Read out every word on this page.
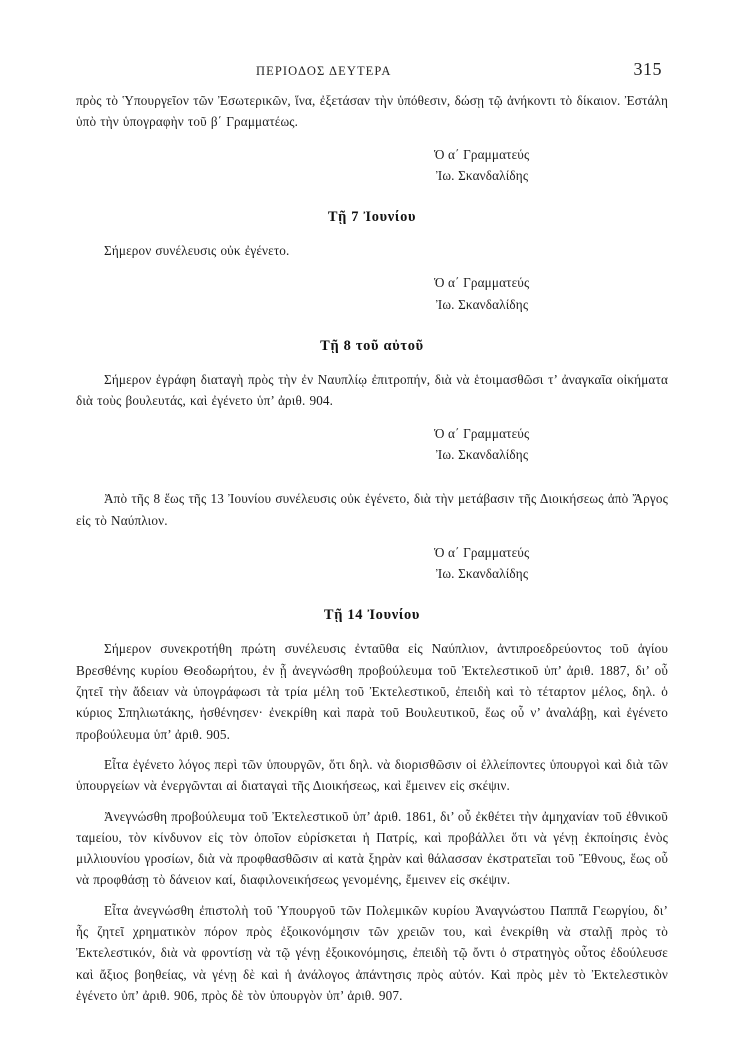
ΠΕΡΙΟΔΟΣ ΔΕΥΤΕΡΑ	315

πρὸς τὸ Ὑπουργεῖον τῶν Ἐσωτερικῶν, ἵνα, ἐξετάσαν τὴν ὑπόθεσιν, δώσῃ τῷ ἀνήκοντι τὸ δίκαιον. Ἐστάλη ὑπὸ τὴν ὑπογραφὴν τοῦ β΄ Γραμματέως.

Ὁ α΄ Γραμματεύς
Ἰω. Σκανδαλίδης
Τῇ 7 Ἰουνίου

Σήμερον συνέλευσις οὐκ ἐγένετο.

Ὁ α΄ Γραμματεύς
Ἰω. Σκανδαλίδης
Τῇ 8 τοῦ αὐτοῦ

Σήμερον ἐγράφη διαταγὴ πρὸς τὴν ἐν Ναυπλίῳ ἐπιτροπήν, διὰ νὰ ἑτοιμασθῶσι τ’ ἀναγκαῖα οἰκήματα διὰ τοὺς βουλευτάς, καὶ ἐγένετο ὑπ’ ἀριθ. 904.

Ὁ α΄ Γραμματεύς
Ἰω. Σκανδαλίδης

Ἀπὸ τῆς 8 ἕως τῆς 13 Ἰουνίου συνέλευσις οὐκ ἐγένετο, διὰ τὴν μετάβασιν τῆς Διοικήσεως ἀπὸ Ἄργος εἰς τὸ Ναύπλιον.

Ὁ α΄ Γραμματεύς
Ἰω. Σκανδαλίδης
Τῇ 14 Ἰουνίου

Σήμερον συνεκροτήθη πρώτη συνέλευσις ἐνταῦθα εἰς Ναύπλιον, ἀντιπροεδρεύοντος τοῦ ἁγίου Βρεσθένης κυρίου Θεοδωρήτου, ἐν ᾗ ἀνεγνώσθη προβούλευμα τοῦ Ἐκτελεστικοῦ ὑπ’ ἀριθ. 1887, δι’ οὗ ζητεῖ τὴν ἄδειαν νὰ ὑπογράφωσι τὰ τρία μέλη τοῦ Ἐκτελεστικοῦ, ἐπειδὴ καὶ τὸ τέταρτον μέλος, δηλ. ὁ κύριος Σπηλιωτάκης, ἠσθένησεν· ἐνεκρίθη καὶ παρὰ τοῦ Βουλευτικοῦ, ἕως οὗ ν’ ἀναλάβῃ, καὶ ἐγένετο προβούλευμα ὑπ’ ἀριθ. 905.

Εἶτα ἐγένετο λόγος περὶ τῶν ὑπουργῶν, ὅτι δηλ. νὰ διορισθῶσιν οἱ ἐλλείποντες ὑπουργοὶ καὶ διὰ τῶν ὑπουργείων νὰ ἐνεργῶνται αἱ διαταγαὶ τῆς Διοικήσεως, καὶ ἔμεινεν εἰς σκέψιν.

Ἀνεγνώσθη προβούλευμα τοῦ Ἐκτελεστικοῦ ὑπ’ ἀριθ. 1861, δι’ οὗ ἐκθέτει τὴν ἀμηχανίαν τοῦ ἐθνικοῦ ταμείου, τὸν κίνδυνον εἰς τὸν ὁποῖον εὑρίσκεται ἡ Πατρίς, καὶ προβάλλει ὅτι νὰ γένῃ ἐκποίησις ἑνὸς μιλλιουνίου γροσίων, διὰ νὰ προφθασθῶσιν αἱ κατὰ ξηρὰν καὶ θάλασσαν ἐκστρατεῖαι τοῦ Ἔθνους, ἕως οὗ νὰ προφθάσῃ τὸ δάνειον καί, διαφιλονεικήσεως γενομένης, ἔμεινεν εἰς σκέψιν.

Εἶτα ἀνεγνώσθη ἐπιστολὴ τοῦ Ὑπουργοῦ τῶν Πολεμικῶν κυρίου Ἀναγνώστου Παππᾶ Γεωργίου, δι’ ἧς ζητεῖ χρηματικὸν πόρον πρὸς ἐξοικονόμησιν τῶν χρειῶν του, καὶ ἐνεκρίθη νὰ σταλῇ πρὸς τὸ Ἐκτελεστικόν, διὰ νὰ φροντίσῃ νὰ τῷ γένῃ ἐξοικονόμησις, ἐπειδὴ τῷ ὄντι ὁ στρατηγὸς οὗτος ἐδούλευσε καὶ ἄξιος βοηθείας, νὰ γένῃ δὲ καὶ ἡ ἀνάλογος ἀπάντησις πρὸς αὐτόν. Καὶ πρὸς μὲν τὸ Ἐκτελεστικὸν ἐγένετο ὑπ’ ἀριθ. 906, πρὸς δὲ τὸν ὑπουργὸν ὑπ’ ἀριθ. 907.
